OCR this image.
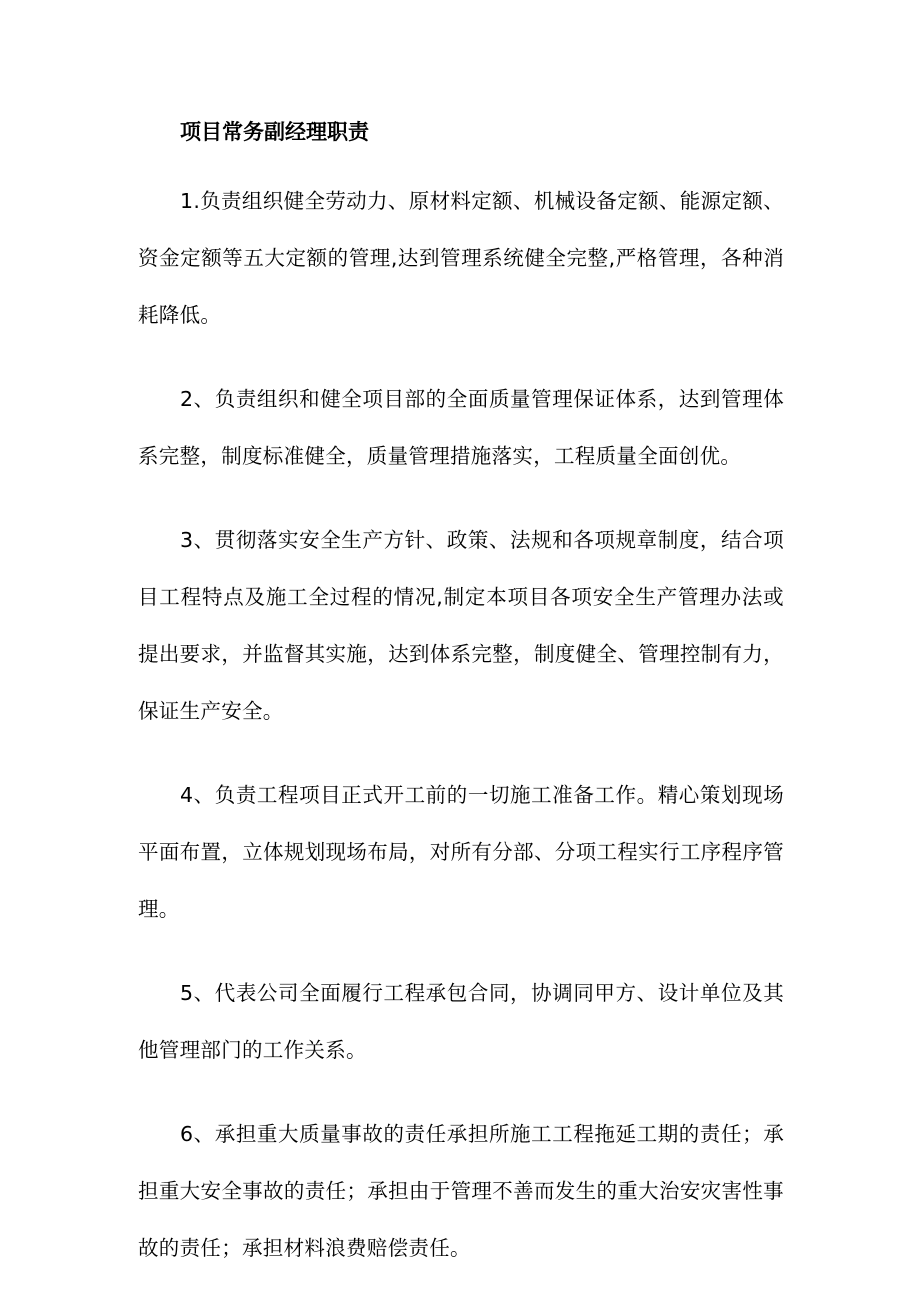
项目常务副经理职责

1.负责组织健全劳动力、原材料定额、机械设备定额、能源定额、资金定额等五大定额的管理,达到管理系统健全完整,严格管理，各种消耗降低。

2、负责组织和健全项目部的全面质量管理保证体系，达到管理体系完整，制度标准健全，质量管理措施落实，工程质量全面创优。

3、贯彻落实安全生产方针、政策、法规和各项规章制度，结合项目工程特点及施工全过程的情况,制定本项目各项安全生产管理办法或提出要求，并监督其实施，达到体系完整，制度健全、管理控制有力，保证生产安全。

4、负责工程项目正式开工前的一切施工准备工作。精心策划现场平面布置，立体规划现场布局，对所有分部、分项工程实行工序程序管理。

5、代表公司全面履行工程承包合同，协调同甲方、设计单位及其他管理部门的工作关系。

6、承担重大质量事故的责任承担所施工工程拖延工期的责任；承担重大安全事故的责任；承担由于管理不善而发生的重大治安灾害性事故的责任；承担材料浪费赔偿责任。
